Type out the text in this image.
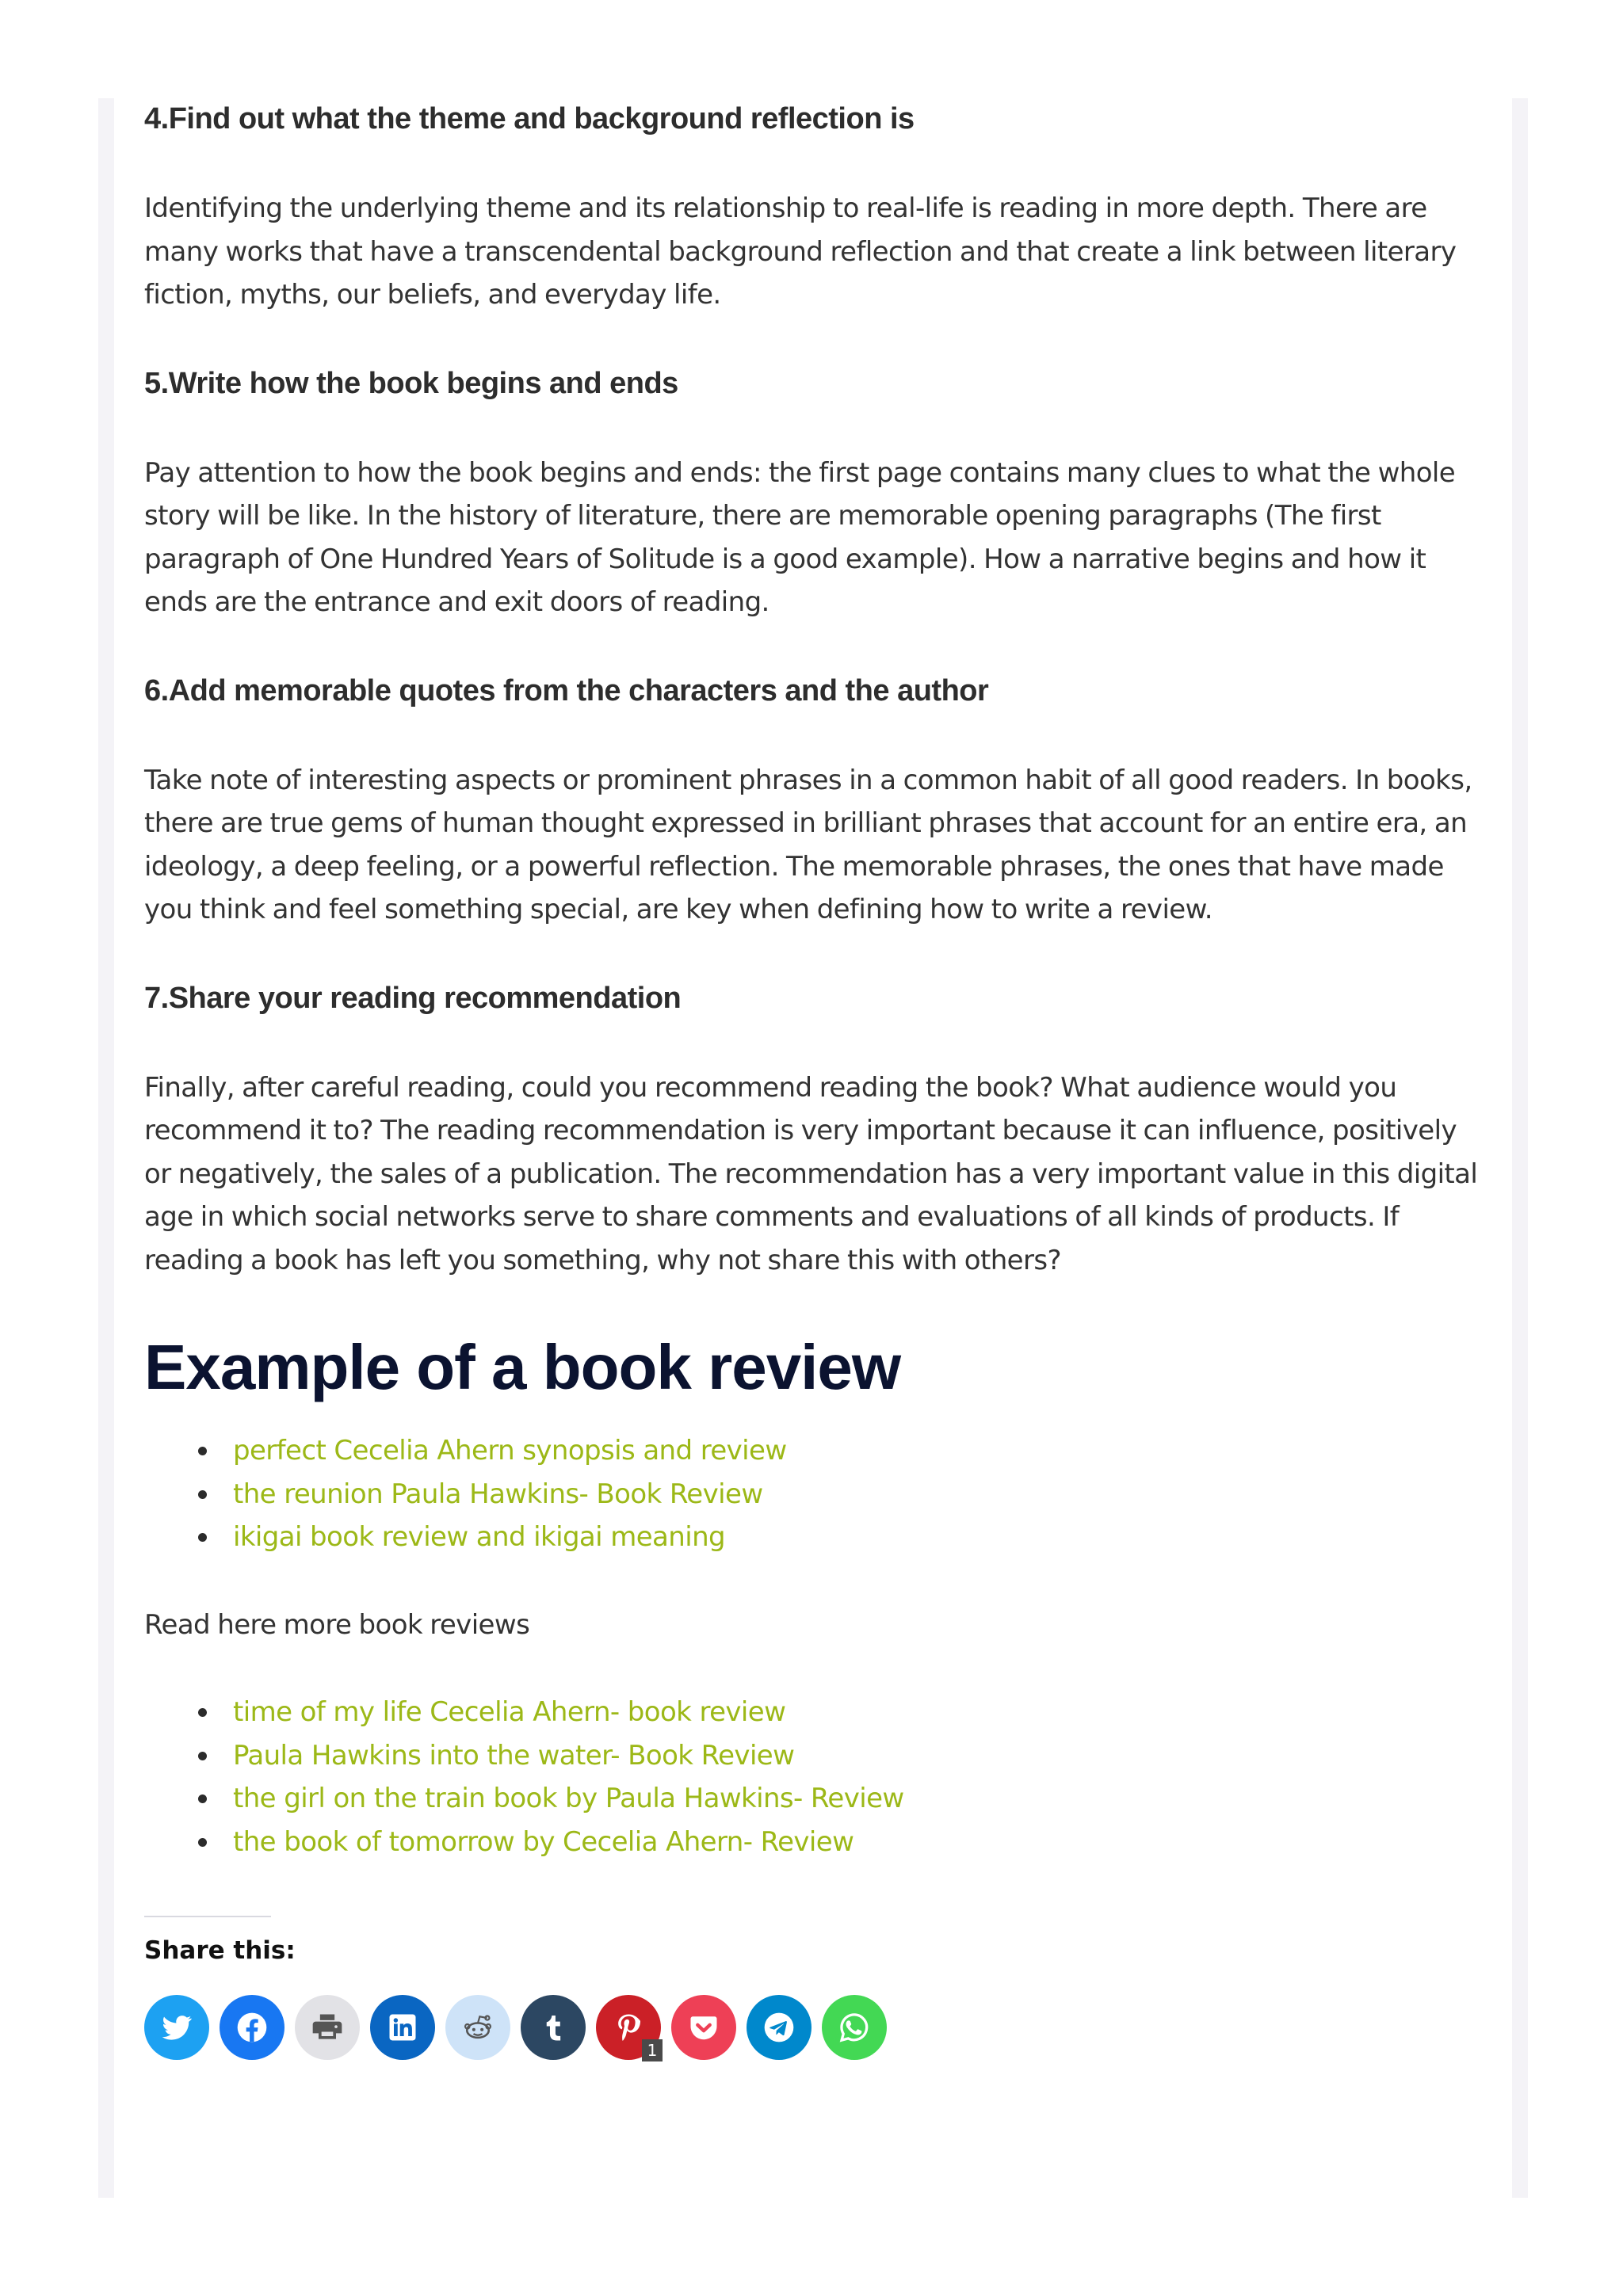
4.Find out what the theme and background reflection is

Identifying the underlying theme and its relationship to real-life is reading in more depth. There are
many works that have a transcendental background reflection and that create a link between literary
fiction, myths, our beliefs, and everyday life.

5.Write how the book begins and ends

Pay attention to how the book begins and ends: the first page contains many clues to what the whole
story will be like. In the history of literature, there are memorable opening paragraphs (The first
paragraph of One Hundred Years of Solitude is a good example). How a narrative begins and how it
ends are the entrance and exit doors of reading.

6.Add memorable quotes from the characters and the author

Take note of interesting aspects or prominent phrases in a common habit of all good readers. In books,
there are true gems of human thought expressed in brilliant phrases that account for an entire era, an
ideology, a deep feeling, or a powerful reflection. The memorable phrases, the ones that have made
you think and feel something special, are key when defining how to write a review.

7.Share your reading recommendation

Finally, after careful reading, could you recommend reading the book? What audience would you
recommend it to? The reading recommendation is very important because it can influence, positively
or negatively, the sales of a publication. The recommendation has a very important value in this digital
age in which social networks serve to share comments and evaluations of all kinds of products. If
reading a book has left you something, why not share this with others?

Example of a book review
perfect Cecelia Ahern synopsis and review
the reunion Paula Hawkins- Book Review
ikigai book review and ikigai meaning

Read here more book reviews

time of my life Cecelia Ahern- book review
Paula Hawkins into the water- Book Review
the girl on the train book by Paula Hawkins- Review
the book of tomorrow by Cecelia Ahern- Review
Share this:
1
